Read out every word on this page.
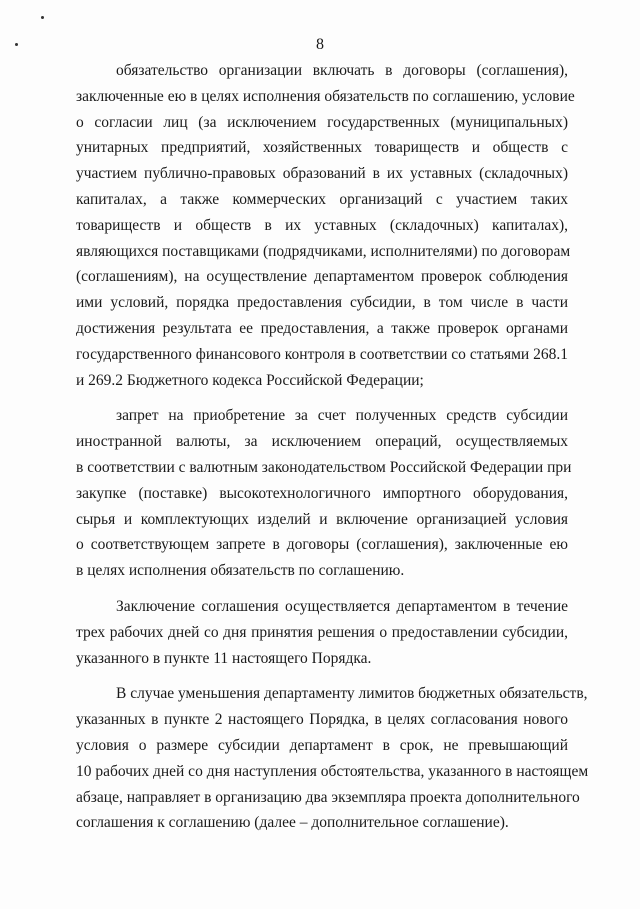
8
обязательство организации включать в договоры (соглашения),
заключенные ею в целях исполнения обязательств по соглашению, условие
о согласии лиц (за исключением государственных (муниципальных)
унитарных предприятий, хозяйственных товариществ и обществ с
участием публично-правовых образований в их уставных (складочных)
капиталах, а также коммерческих организаций с участием таких
товариществ и обществ в их уставных (складочных) капиталах),
являющихся поставщиками (подрядчиками, исполнителями) по договорам
(соглашениям), на осуществление департаментом проверок соблюдения
ими условий, порядка предоставления субсидии, в том числе в части
достижения результата ее предоставления, а также проверок органами
государственного финансового контроля в соответствии со статьями 268.1
и 269.2 Бюджетного кодекса Российской Федерации;
запрет на приобретение за счет полученных средств субсидии
иностранной валюты, за исключением операций, осуществляемых
в соответствии с валютным законодательством Российской Федерации при
закупке (поставке) высокотехнологичного импортного оборудования,
сырья и комплектующих изделий и включение организацией условия
о соответствующем запрете в договоры (соглашения), заключенные ею
в целях исполнения обязательств по соглашению.
Заключение соглашения осуществляется департаментом в течение
трех рабочих дней со дня принятия решения о предоставлении субсидии,
указанного в пункте 11 настоящего Порядка.
В случае уменьшения департаменту лимитов бюджетных обязательств,
указанных в пункте 2 настоящего Порядка, в целях согласования нового
условия о размере субсидии департамент в срок, не превышающий
10 рабочих дней со дня наступления обстоятельства, указанного в настоящем
абзаце, направляет в организацию два экземпляра проекта дополнительного
соглашения к соглашению (далее – дополнительное соглашение).
